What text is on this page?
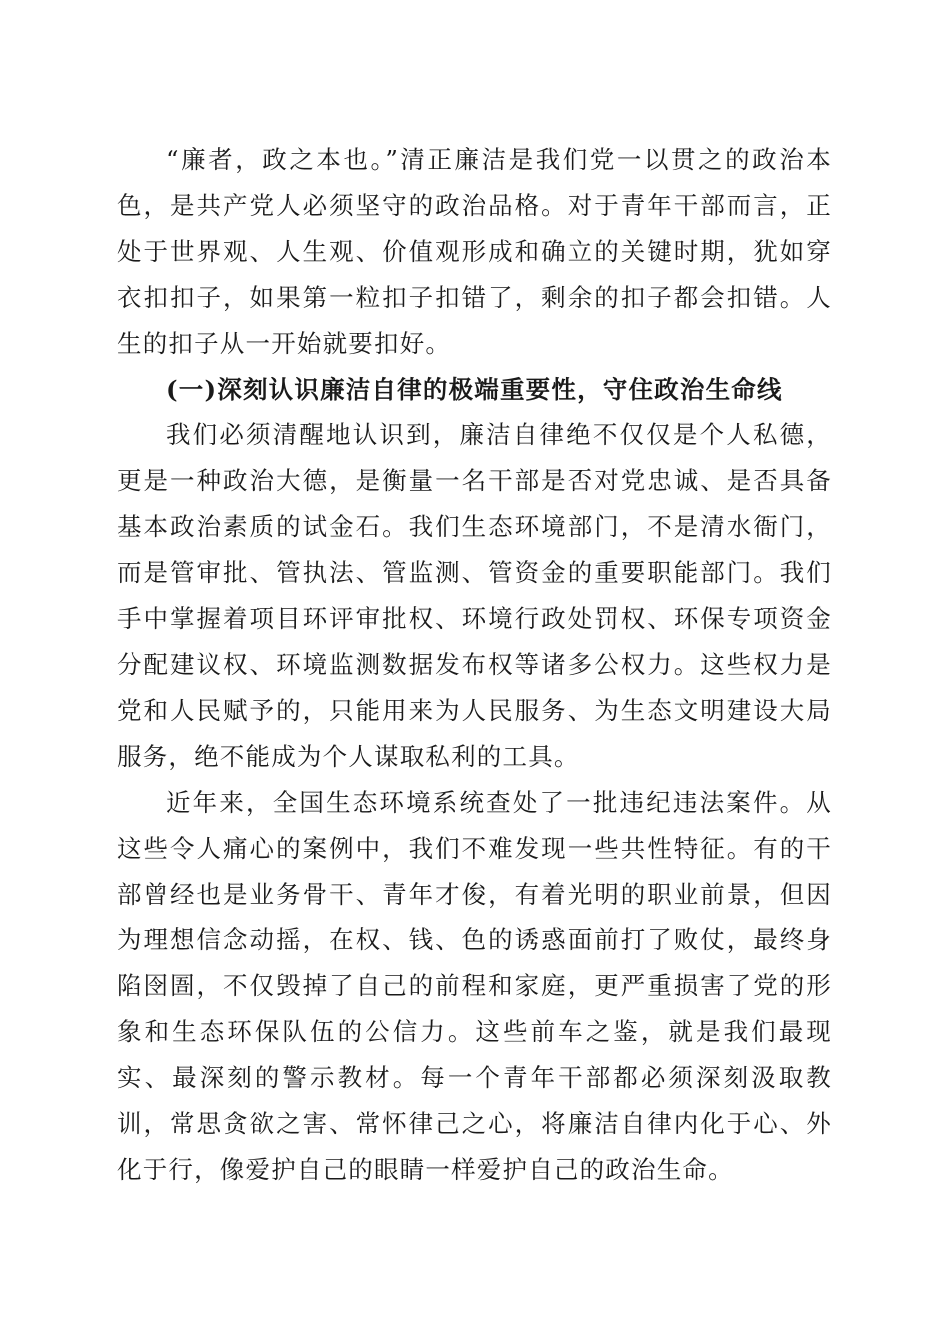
“廉者，政之本也。”清正廉洁是我们党一以贯之的政治本色，是共产党人必须坚守的政治品格。对于青年干部而言，正处于世界观、人生观、价值观形成和确立的关键时期，犹如穿衣扣扣子，如果第一粒扣子扣错了，剩余的扣子都会扣错。人生的扣子从一开始就要扣好。

(一)深刻认识廉洁自律的极端重要性，守住政治生命线

我们必须清醒地认识到，廉洁自律绝不仅仅是个人私德，更是一种政治大德，是衡量一名干部是否对党忠诚、是否具备基本政治素质的试金石。我们生态环境部门，不是清水衙门，而是管审批、管执法、管监测、管资金的重要职能部门。我们手中掌握着项目环评审批权、环境行政处罚权、环保专项资金分配建议权、环境监测数据发布权等诸多公权力。这些权力是党和人民赋予的，只能用来为人民服务、为生态文明建设大局服务，绝不能成为个人谋取私利的工具。

近年来，全国生态环境系统查处了一批违纪违法案件。从这些令人痛心的案例中，我们不难发现一些共性特征。有的干部曾经也是业务骨干、青年才俊，有着光明的职业前景，但因为理想信念动摇，在权、钱、色的诱惑面前打了败仗，最终身陷囹圄，不仅毁掉了自己的前程和家庭，更严重损害了党的形象和生态环保队伍的公信力。这些前车之鉴，就是我们最现实、最深刻的警示教材。每一个青年干部都必须深刻汲取教训，常思贪欲之害、常怀律己之心，将廉洁自律内化于心、外化于行，像爱护自己的眼睛一样爱护自己的政治生命。
